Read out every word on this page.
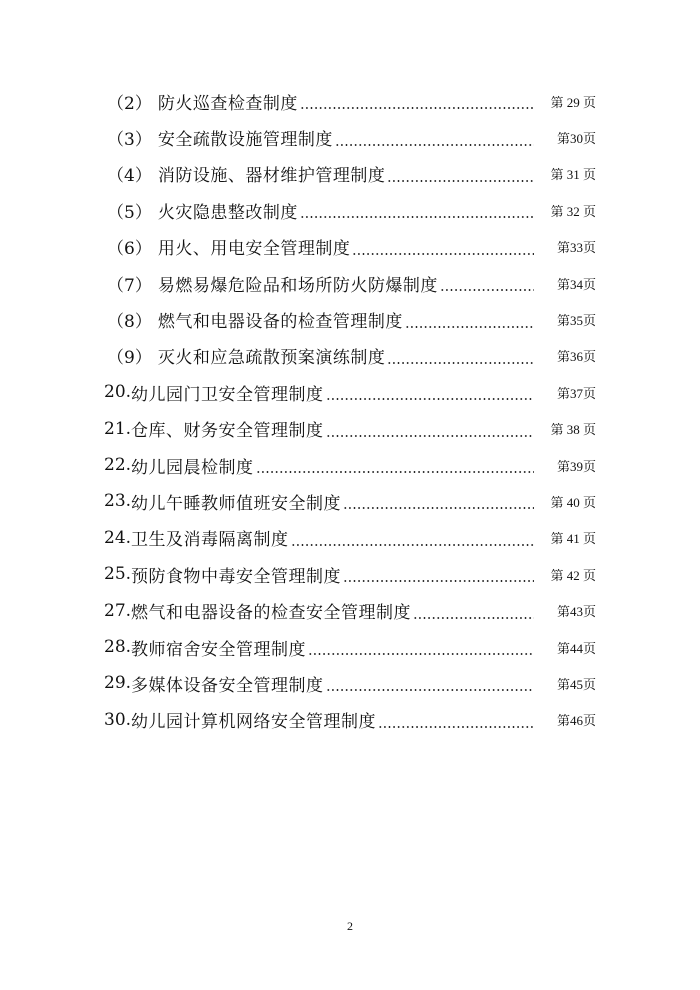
（2） 防火巡查检查制度	第 29 页
（3） 安全疏散设施管理制度	第30页
（4） 消防设施、器材维护管理制度	第 31 页
（5） 火灾隐患整改制度	第 32 页
（6） 用火、用电安全管理制度	第33页
（7） 易燃易爆危险品和场所防火防爆制度	第34页
（8） 燃气和电器设备的检查管理制度	第35页
（9） 灭火和应急疏散预案演练制度	第36页
20. 幼儿园门卫安全管理制度	第37页
21. 仓库、财务安全管理制度	第 38 页
22. 幼儿园晨检制度	第39页
23. 幼儿午睡教师值班安全制度	第 40 页
24. 卫生及消毒隔离制度	第 41 页
25. 预防食物中毒安全管理制度	第 42 页
27. 燃气和电器设备的检查安全管理制度	第43页
28. 教师宿舍安全管理制度	第44页
29. 多媒体设备安全管理制度	第45页
30. 幼儿园计算机网络安全管理制度	第46页
2
